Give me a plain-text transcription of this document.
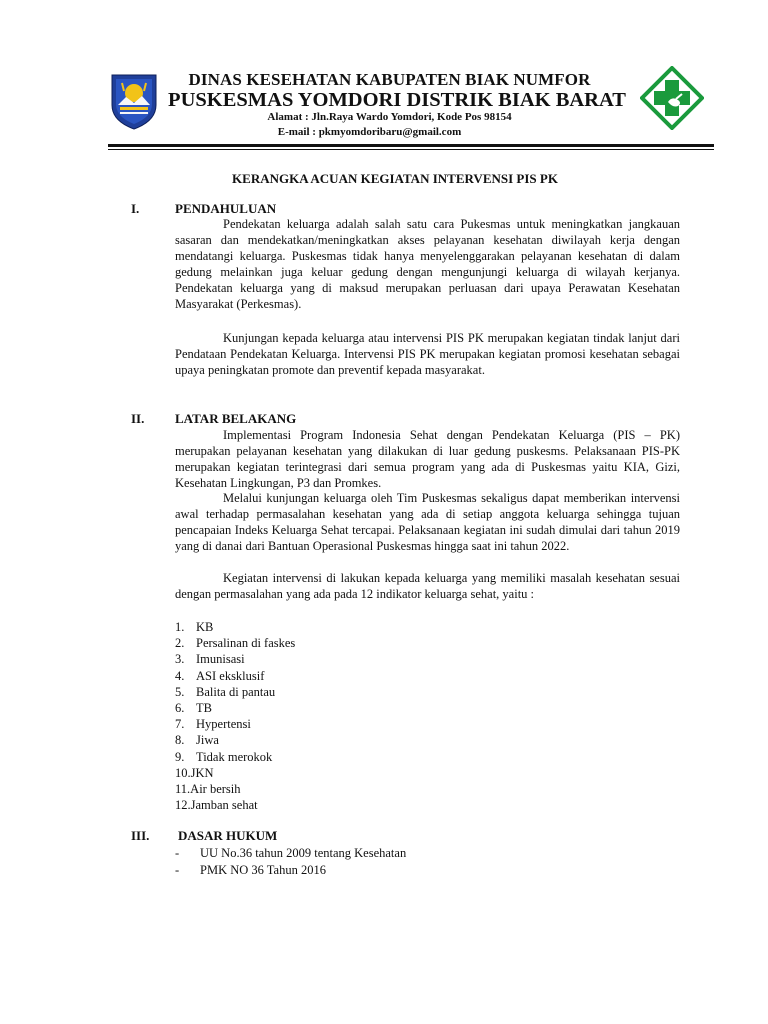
DINAS KESEHATAN KABUPATEN BIAK NUMFOR
PUSKESMAS YOMDORI DISTRIK BIAK BARAT
Alamat : Jln.Raya Wardo Yomdori, Kode Pos 98154
E-mail : pkmyomdoribaru@gmail.com
KERANGKA ACUAN KEGIATAN INTERVENSI PIS PK
I.	PENDAHULUAN

Pendekatan keluarga adalah salah satu cara Pukesmas untuk meningkatkan jangkauan sasaran dan mendekatkan/meningkatkan akses pelayanan kesehatan diwilayah kerja dengan mendatangi keluarga. Puskesmas tidak hanya menyelenggarakan pelayanan kesehatan di dalam gedung melainkan juga keluar gedung dengan mengunjungi keluarga di wilayah kerjanya. Pendekatan keluarga yang di maksud merupakan perluasan dari upaya Perawatan Kesehatan Masyarakat (Perkesmas).

Kunjungan kepada keluarga atau intervensi PIS PK merupakan kegiatan tindak lanjut dari Pendataan Pendekatan Keluarga. Intervensi PIS PK merupakan kegiatan promosi kesehatan sebagai upaya peningkatan promote dan preventif kepada masyarakat.

II. LATAR BELAKANG

Implementasi Program Indonesia Sehat dengan Pendekatan Keluarga (PIS – PK) merupakan pelayanan kesehatan yang dilakukan di luar gedung puskesms. Pelaksanaan PIS-PK merupakan kegiatan terintegrasi dari semua program yang ada di Puskesmas yaitu KIA, Gizi, Kesehatan Lingkungan, P3 dan Promkes.

Melalui kunjungan keluarga oleh Tim Puskesmas sekaligus dapat memberikan intervensi awal terhadap permasalahan kesehatan yang ada di setiap anggota keluarga sehingga tujuan pencapaian Indeks Keluarga Sehat tercapai. Pelaksanaan kegiatan ini sudah dimulai dari tahun 2019 yang di danai dari Bantuan Operasional Puskesmas hingga saat ini tahun 2022.

Kegiatan intervensi di lakukan kepada keluarga yang memiliki masalah kesehatan sesuai dengan permasalahan yang ada pada 12 indikator keluarga sehat, yaitu :

1. KB
2. Persalinan di faskes
3. Imunisasi
4. ASI eksklusif
5. Balita di pantau
6. TB
7. Hypertensi
8. Jiwa
9. Tidak merokok
10.JKN
11.Air bersih
12.Jamban sehat
III. DASAR HUKUM
- UU No.36 tahun 2009 tentang Kesehatan
- PMK NO 36 Tahun 2016
